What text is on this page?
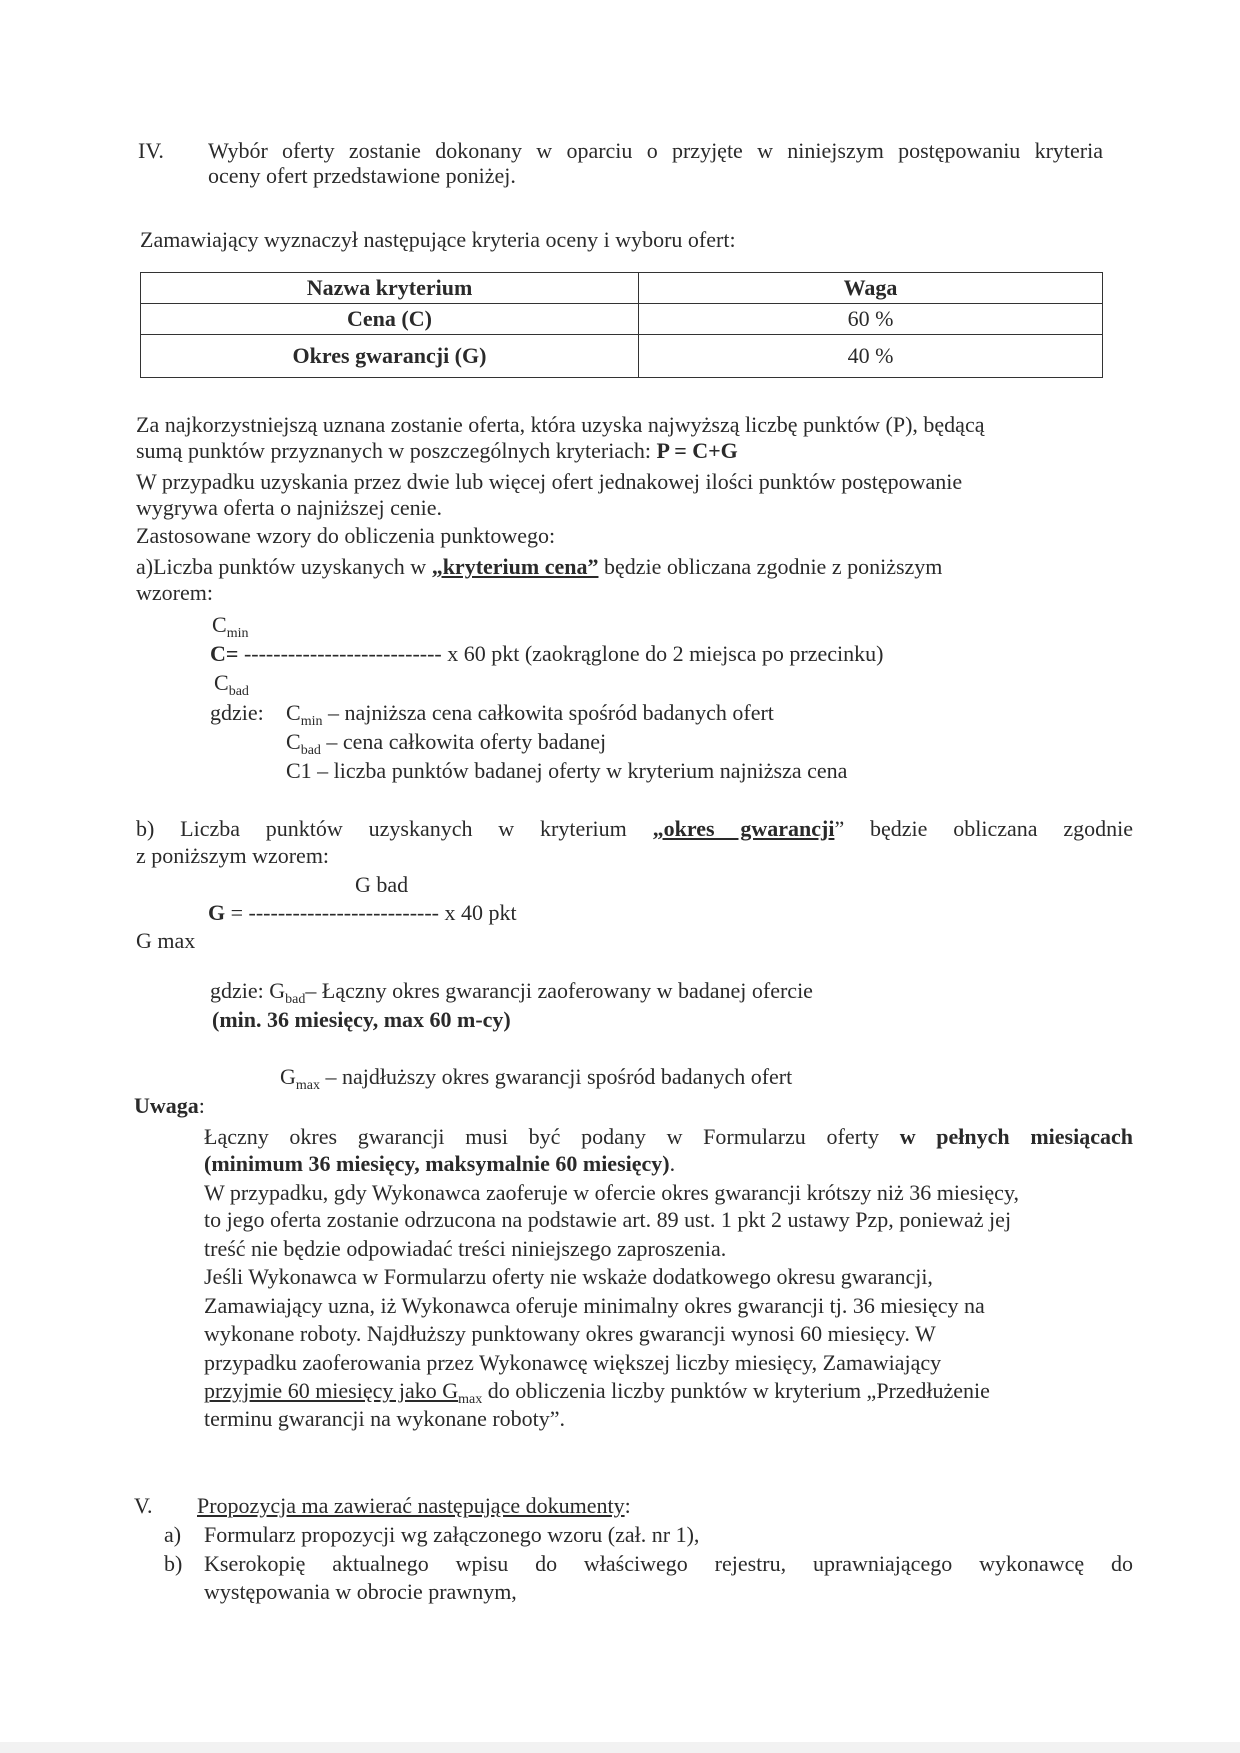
IV. Wybór oferty zostanie dokonany w oparciu o przyjęte w niniejszym postępowaniu kryteria
oceny ofert przedstawione poniżej.
Zamawiający wyznaczył następujące kryteria oceny i wyboru ofert:
Nazwa kryterium	Waga
Cena (C)	60 %
Okres gwarancji (G)	40 %
Za najkorzystniejszą uznana zostanie oferta, która uzyska najwyższą liczbę punktów (P), będącą
sumą punktów przyznanych w poszczególnych kryteriach: P = C+G
W przypadku uzyskania przez dwie lub więcej ofert jednakowej ilości punktów postępowanie
wygrywa oferta o najniższej cenie.
Zastosowane wzory do obliczenia punktowego:
a)Liczba punktów uzyskanych w „kryterium cena” będzie obliczana zgodnie z poniższym
wzorem:
$C_{min}$
C= --------------------------- x 60 pkt (zaokrąglone do 2 miejsca po przecinku)
$C_{bad}$
gdzie: $C_{min}$ – najniższa cena całkowita spośród badanych ofert
$C_{bad}$ – cena całkowita oferty badanej
C1 – liczba punktów badanej oferty w kryterium najniższa cena
b) Liczba punktów uzyskanych w kryterium „okres gwarancji” będzie obliczana zgodnie
z poniższym wzorem:
G bad
G = -------------------------- x 40 pkt
G max
gdzie: $G_{bad}-$ Łączny okres gwarancji zaoferowany w badanej ofercie
(min. 36 miesięcy, max 60 m-cy)
$G_{max}$ – najdłuższy okres gwarancji spośród badanych ofert
Uwaga:
Łączny okres gwarancji musi być podany w Formularzu oferty w pełnych miesiącach
(minimum 36 miesięcy, maksymalnie 60 miesięcy).
W przypadku, gdy Wykonawca zaoferuje w ofercie okres gwarancji krótszy niż 36 miesięcy,
to jego oferta zostanie odrzucona na podstawie art. 89 ust. 1 pkt 2 ustawy Pzp, ponieważ jej
treść nie będzie odpowiadać treści niniejszego zaproszenia.
Jeśli Wykonawca w Formularzu oferty nie wskaże dodatkowego okresu gwarancji,
Zamawiający uzna, iż Wykonawca oferuje minimalny okres gwarancji tj. 36 miesięcy na
wykonane roboty. Najdłuższy punktowany okres gwarancji wynosi 60 miesięcy. W
przypadku zaoferowania przez Wykonawcę większej liczby miesięcy, Zamawiający
przyjmie 60 miesięcy jako $G_{max}$ do obliczenia liczby punktów w kryterium „Przedłużenie
terminu gwarancji na wykonane roboty”.
V. Propozycja ma zawierać następujące dokumenty:
a) Formularz propozycji wg załączonego wzoru (zał. nr 1),
b) Kserokopię aktualnego wpisu do właściwego rejestru, uprawniającego wykonawcę do
występowania w obrocie prawnym,
